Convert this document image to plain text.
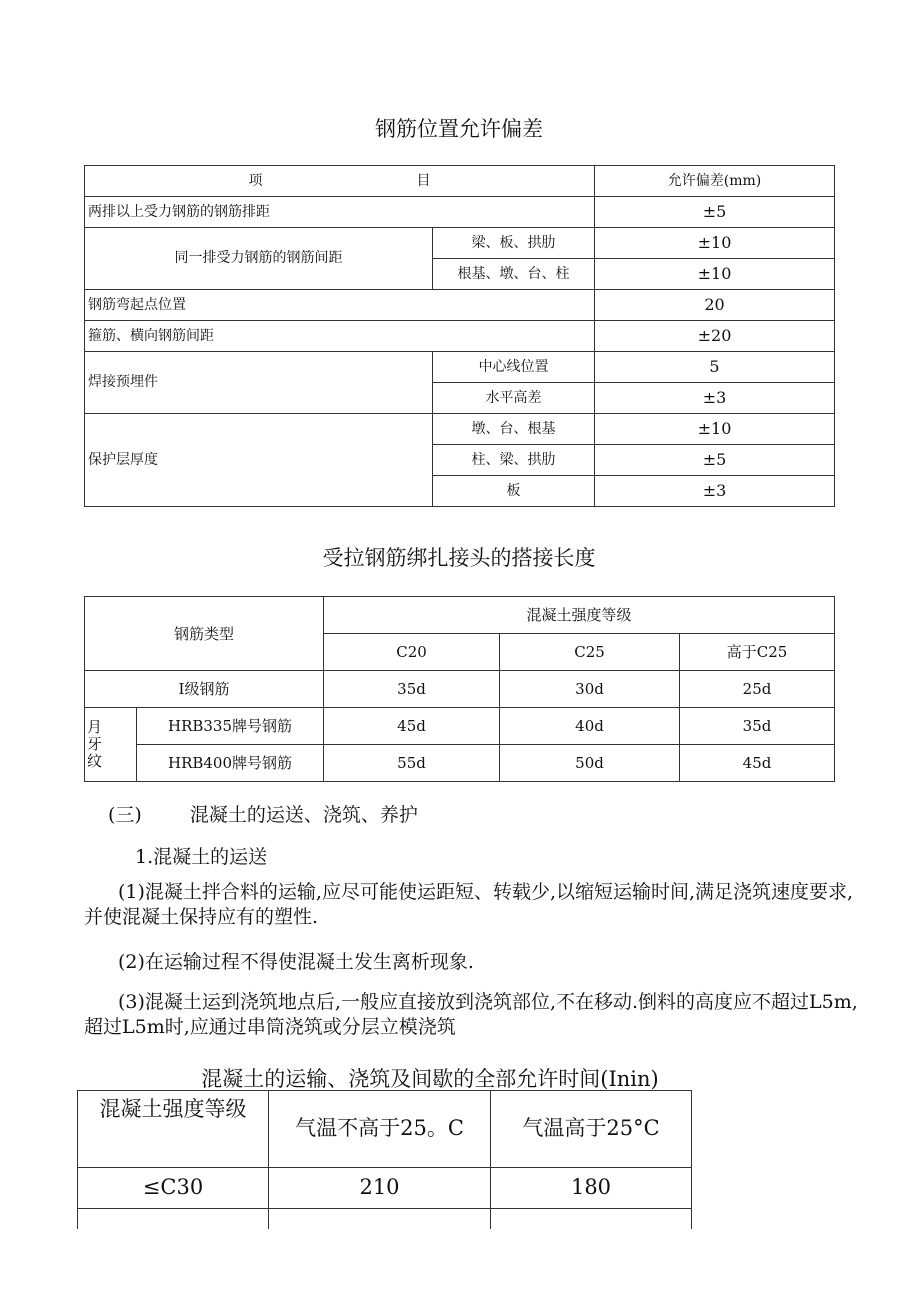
钢筋位置允许偏差
项　　　　　　　　　　　目		允许偏差(mm)
两排以上受力钢筋的钢筋排距		±5
同一排受力钢筋的钢筋间距	梁、板、拱肋	±10
	根基、墩、台、柱	±10
钢筋弯起点位置		20
箍筋、横向钢筋间距		±20
焊接预埋件	中心线位置	5
	水平高差	±3
保护层厚度	墩、台、根基	±10
	柱、梁、拱肋	±5
	板	±3
受拉钢筋绑扎接头的搭接长度
钢筋类型		混凝土强度等级		
		C20	C25	高于C25
Ⅰ级钢筋		35d	30d	25d

月牙纹	HRB335牌号钢筋	45d	40d	35d
	HRB400牌号钢筋	55d	50d	45d
(三)	混凝土的运送、浇筑、养护
1.混凝土的运送
(1)混凝土拌合料的运输,应尽可能使运距短、转载少,以缩短运输时间,满足浇筑速度要求,并使混凝土保持应有的塑性.
(2)在运输过程不得使混凝土发生离析现象.
(3)混凝土运到浇筑地点后,一般应直接放到浇筑部位,不在移动.倒料的高度应不超过L5m,超过L5m时,应通过串筒浇筑或分层立模浇筑
混凝土的运输、浇筑及间歇的全部允许时间(Inin)
混凝土强度等级	气温不高于25。C	气温高于25°C
≤C30	210	180
